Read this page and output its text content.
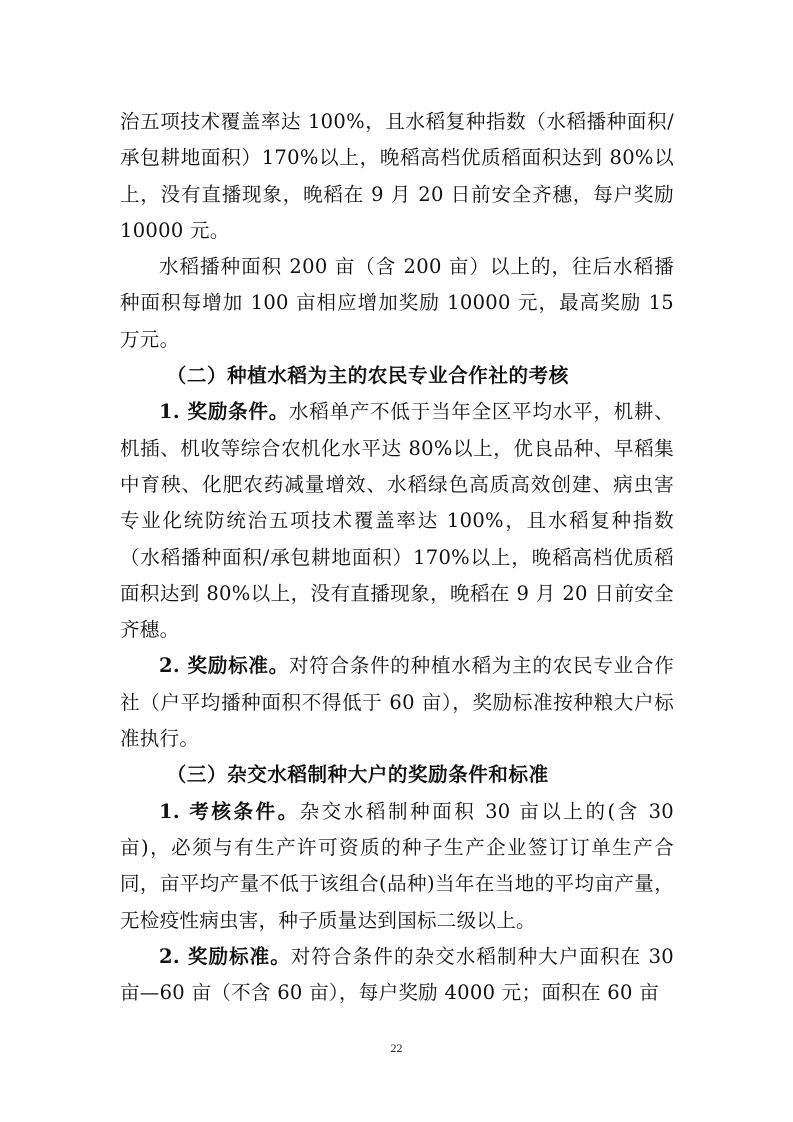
治五项技术覆盖率达 100%，且水稻复种指数（水稻播种面积/承包耕地面积）170%以上，晚稻高档优质稻面积达到 80%以上，没有直播现象，晚稻在 9 月 20 日前安全齐穗，每户奖励 10000 元。

水稻播种面积 200 亩（含 200 亩）以上的，往后水稻播种面积每增加 100 亩相应增加奖励 10000 元，最高奖励 15 万元。

（二）种植水稻为主的农民专业合作社的考核

1. 奖励条件。水稻单产不低于当年全区平均水平，机耕、机插、机收等综合农机化水平达 80%以上，优良品种、早稻集中育秧、化肥农药减量增效、水稻绿色高质高效创建、病虫害专业化统防统治五项技术覆盖率达 100%，且水稻复种指数（水稻播种面积/承包耕地面积）170%以上，晚稻高档优质稻面积达到 80%以上，没有直播现象，晚稻在 9 月 20 日前安全齐穗。

2. 奖励标准。对符合条件的种植水稻为主的农民专业合作社（户平均播种面积不得低于 60 亩），奖励标准按种粮大户标准执行。

（三）杂交水稻制种大户的奖励条件和标准

1. 考核条件。杂交水稻制种面积 30 亩以上的(含 30 亩)，必须与有生产许可资质的种子生产企业签订订单生产合同，亩平均产量不低于该组合(品种)当年在当地的平均亩产量，无检疫性病虫害，种子质量达到国标二级以上。

2. 奖励标准。对符合条件的杂交水稻制种大户面积在 30 亩—60 亩（不含 60 亩），每户奖励 4000 元；面积在 60 亩

22
